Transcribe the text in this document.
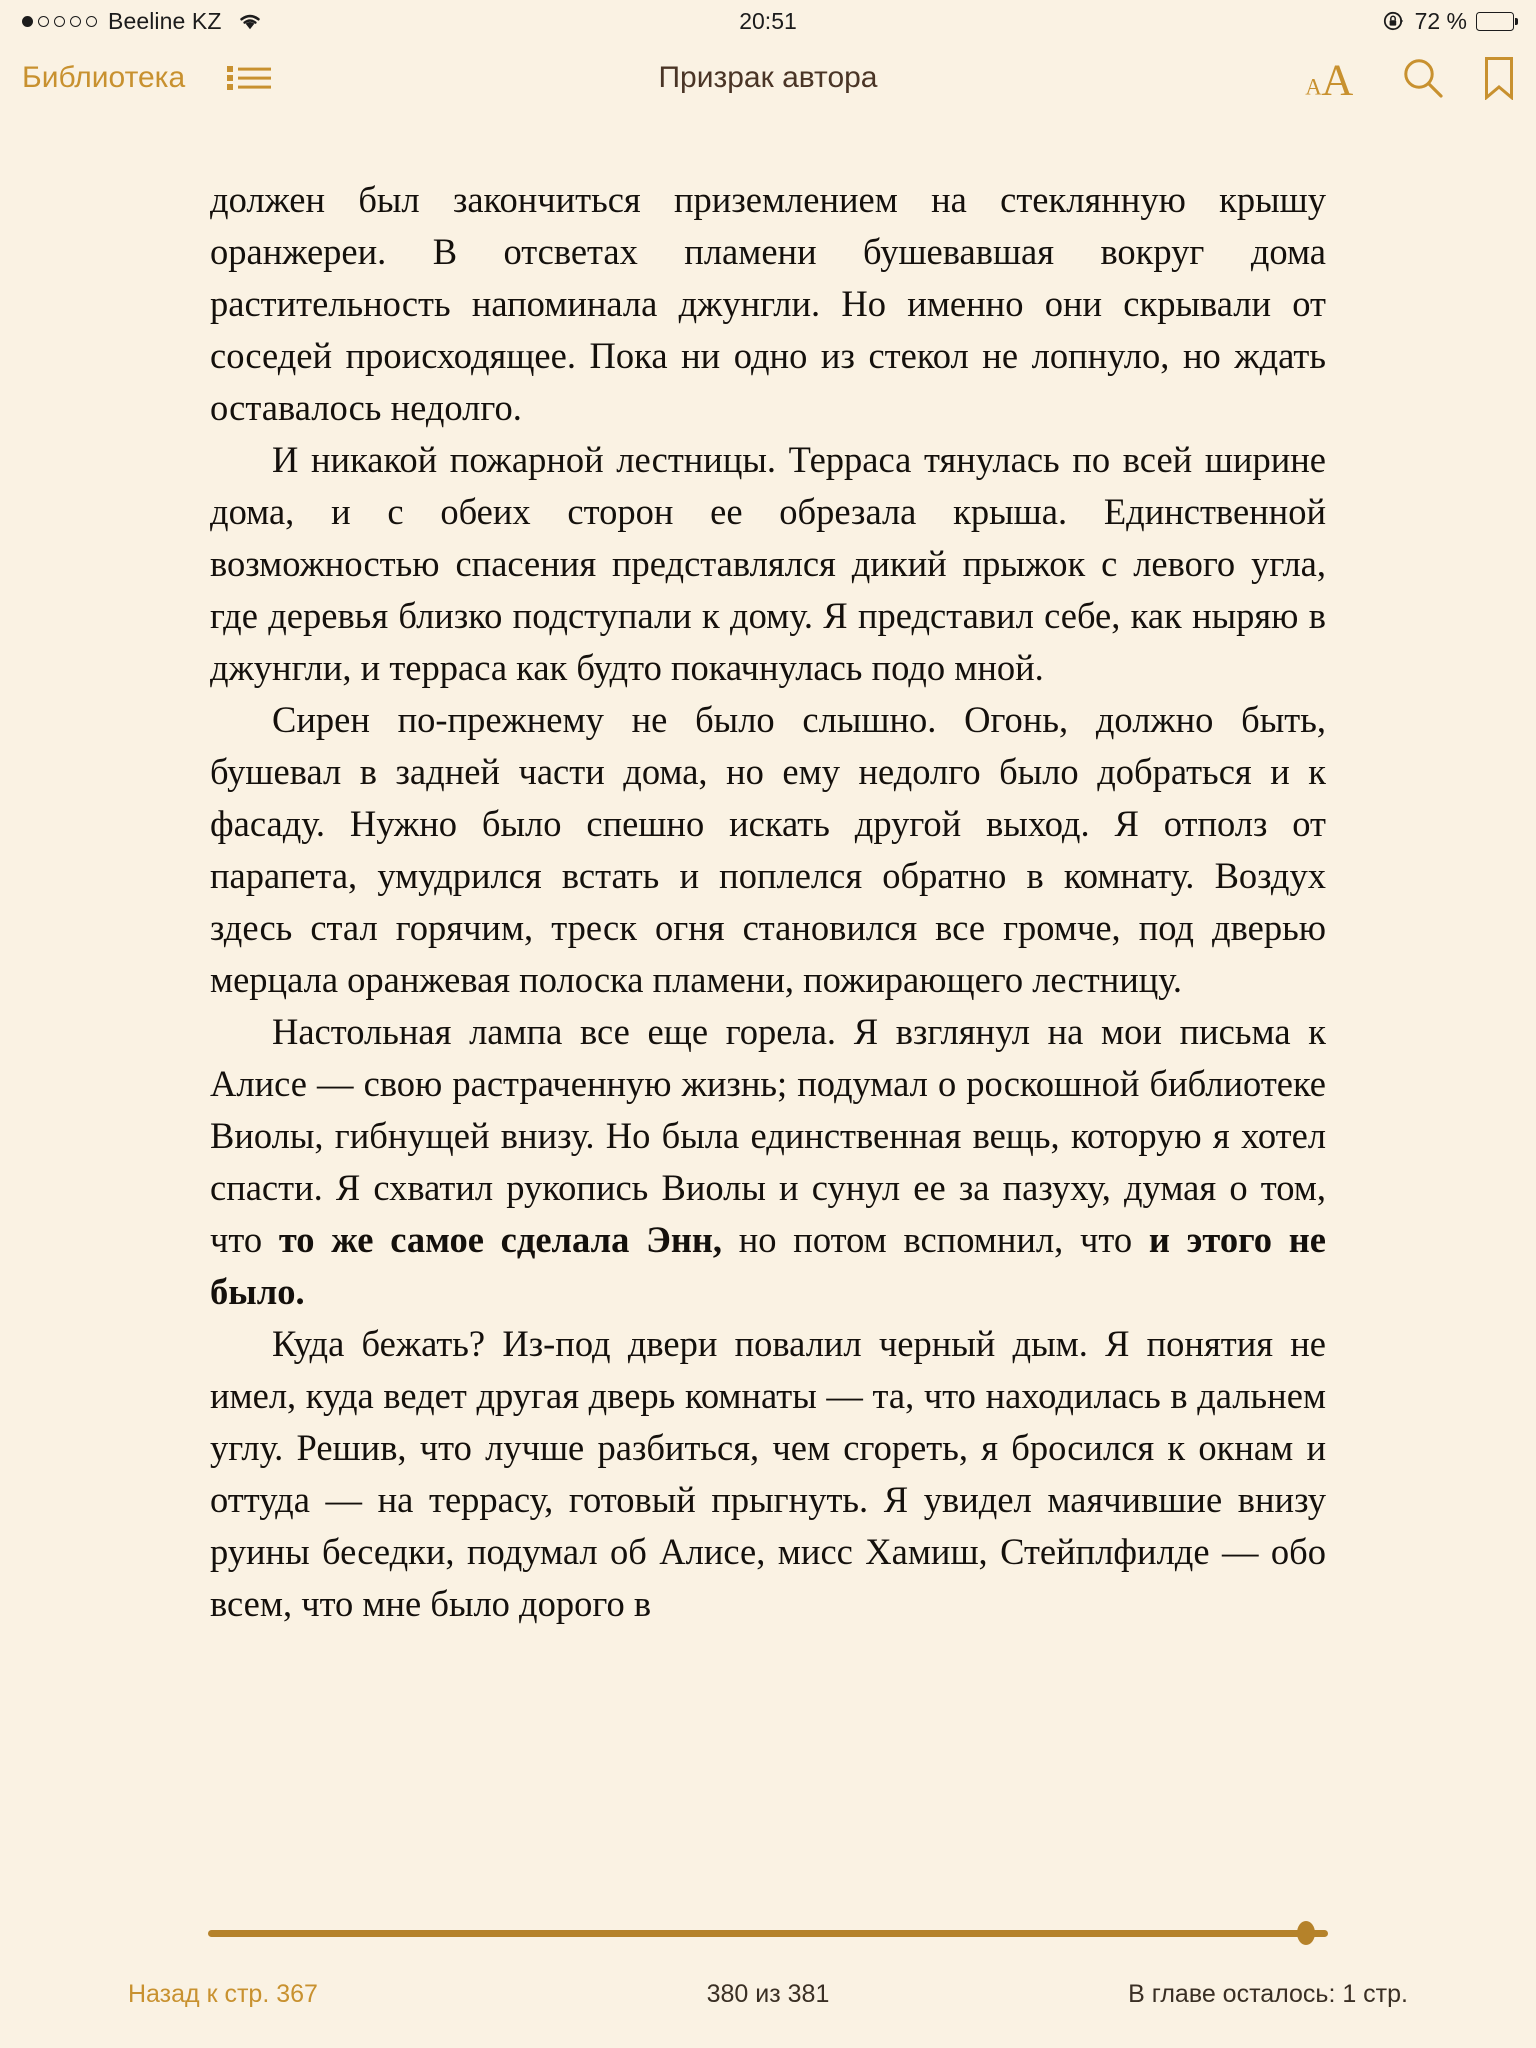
Beeline KZ	20:51	72 %
Библиотека	Призрак автора	A A

должен был закончиться приземлением на стеклянную крышу оранжереи. В отсветах пламени бушевавшая вокруг дома растительность напоминала джунгли. Но именно они скрывали от соседей происходящее. Пока ни одно из стекол не лопнуло, но ждать оставалось недолго.

И никакой пожарной лестницы. Терраса тянулась по всей ширине дома, и с обеих сторон ее обрезала крыша. Единственной возможностью спасения представлялся дикий прыжок с левого угла, где деревья близко подступали к дому. Я представил себе, как ныряю в джунгли, и терраса как будто покачнулась подо мной.

Сирен по-прежнему не было слышно. Огонь, должно быть, бушевал в задней части дома, но ему недолго было добраться и к фасаду. Нужно было спешно искать другой выход. Я отполз от парапета, умудрился встать и поплелся обратно в комнату. Воздух здесь стал горячим, треск огня становился все громче, под дверью мерцала оранжевая полоска пламени, пожирающего лестницу.

Настольная лампа все еще горела. Я взглянул на мои письма к Алисе — свою растраченную жизнь; подумал о роскошной библиотеке Виолы, гибнущей внизу. Но была единственная вещь, которую я хотел спасти. Я схватил рукопись Виолы и сунул ее за пазуху, думая о том, что то же самое сделала Энн, но потом вспомнил, что и этого не было.

Куда бежать? Из-под двери повалил черный дым. Я понятия не имел, куда ведет другая дверь комнаты — та, что находилась в дальнем углу. Решив, что лучше разбиться, чем сгореть, я бросился к окнам и оттуда — на террасу, готовый прыгнуть. Я увидел маячившие внизу руины беседки, подумал об Алисе, мисс Хамиш, Стейплфилде — обо всем, что мне было дорого в

Назад к стр. 367	380 из 381	В главе осталось: 1 стр.
